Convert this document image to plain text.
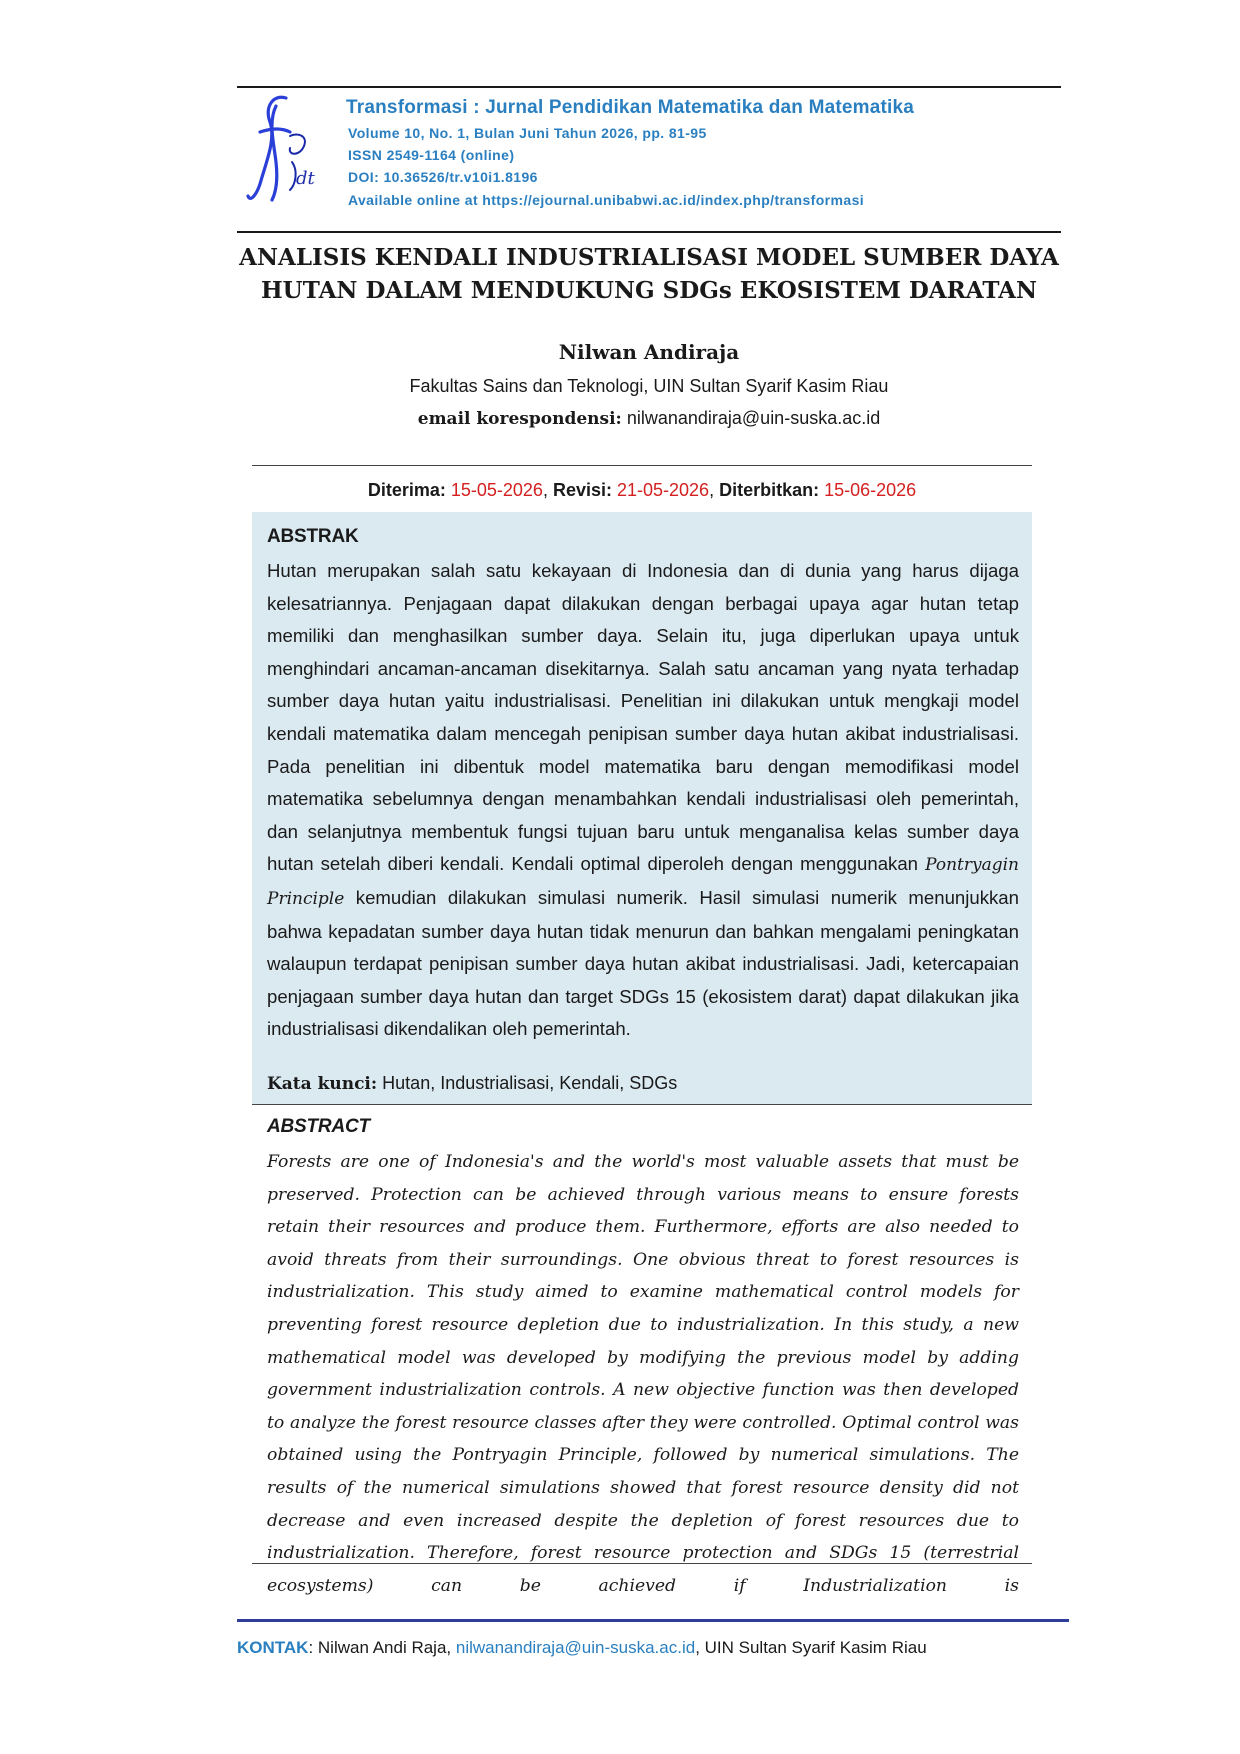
dt
Transformasi : Jurnal Pendidikan Matematika dan Matematika
Volume 10, No. 1, Bulan Juni Tahun 2026, pp. 81-95
ISSN 2549-1164 (online)
DOI: 10.36526/tr.v10i1.8196
Available online at https://ejournal.unibabwi.ac.id/index.php/transformasi
ANALISIS KENDALI INDUSTRIALISASI MODEL SUMBER DAYA
HUTAN DALAM MENDUKUNG SDGs EKOSISTEM DARATAN
Nilwan Andiraja
Fakultas Sains dan Teknologi, UIN Sultan Syarif Kasim Riau
email korespondensi: nilwanandiraja@uin-suska.ac.id
Diterima: 15-05-2026, Revisi: 21-05-2026, Diterbitkan: 15-06-2026
ABSTRAK
Hutan merupakan salah satu kekayaan di Indonesia dan di dunia yang harus dijaga kelesatriannya. Penjagaan dapat dilakukan dengan berbagai upaya agar hutan tetap memiliki dan menghasilkan sumber daya. Selain itu, juga diperlukan upaya untuk menghindari ancaman-ancaman disekitarnya. Salah satu ancaman yang nyata terhadap sumber daya hutan yaitu industrialisasi. Penelitian ini dilakukan untuk mengkaji model kendali matematika dalam mencegah penipisan sumber daya hutan akibat industrialisasi. Pada penelitian ini dibentuk model matematika baru dengan memodifikasi model matematika sebelumnya dengan menambahkan kendali industrialisasi oleh pemerintah, dan selanjutnya membentuk fungsi tujuan baru untuk menganalisa kelas sumber daya hutan setelah diberi kendali. Kendali optimal diperoleh dengan menggunakan Pontryagin Principle kemudian dilakukan simulasi numerik. Hasil simulasi numerik menunjukkan bahwa kepadatan sumber daya hutan tidak menurun dan bahkan mengalami peningkatan walaupun terdapat penipisan sumber daya hutan akibat industrialisasi. Jadi, ketercapaian penjagaan sumber daya hutan dan target SDGs 15 (ekosistem darat) dapat dilakukan jika industrialisasi dikendalikan oleh pemerintah.
Kata kunci: Hutan, Industrialisasi, Kendali, SDGs
ABSTRACT
Forests are one of Indonesia's and the world's most valuable assets that must be preserved. Protection can be achieved through various means to ensure forests retain their resources and produce them. Furthermore, efforts are also needed to avoid threats from their surroundings. One obvious threat to forest resources is industrialization. This study aimed to examine mathematical control models for preventing forest resource depletion due to industrialization. In this study, a new mathematical model was developed by modifying the previous model by adding government industrialization controls. A new objective function was then developed to analyze the forest resource classes after they were controlled. Optimal control was obtained using the Pontryagin Principle, followed by numerical simulations. The results of the numerical simulations showed that forest resource density did not decrease and even increased despite the depletion of forest resources due to industrialization. Therefore, forest resource protection and SDGs 15 (terrestrial ecosystems) can be achieved if Industrialization is
KONTAK: Nilwan Andi Raja, nilwanandiraja@uin-suska.ac.id, UIN Sultan Syarif Kasim Riau
